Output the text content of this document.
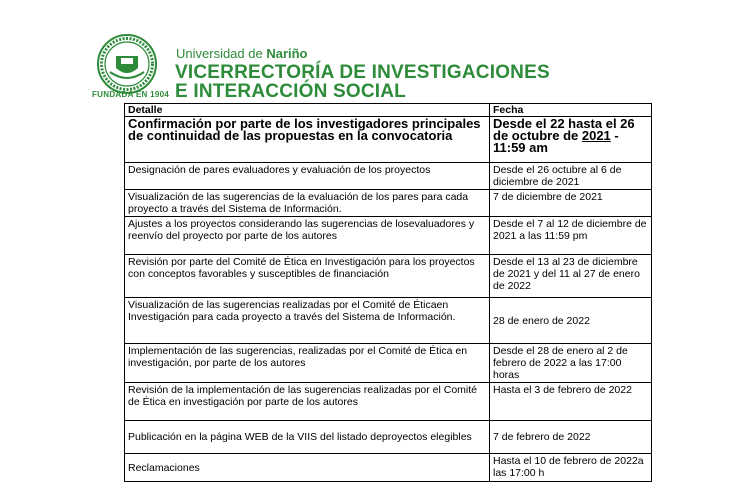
FUNDADA EN 1904
Universidad de Nariño
VICERRECTORÍA DE INVESTIGACIONES
E INTERACCIÓN SOCIAL
Detalle	Fecha
Confirmación por parte de los investigadores principales de continuidad de las propuestas en la convocatoria	Desde el 22 hasta el 26 de octubre de 2021 - 11:59 am
Designación de pares evaluadores y evaluación de los proyectos	Desde el 26 octubre al 6 de diciembre de 2021
Visualización de las sugerencias de la evaluación de los pares para cada proyecto a través del Sistema de Información.	7 de diciembre de 2021
Ajustes a los proyectos considerando las sugerencias de losevaluadores y reenvío del proyecto por parte de los autores	Desde el 7 al 12 de diciembre de 2021 a las 11:59 pm
Revisión por parte del Comité de Ética en Investigación para los proyectos con conceptos favorables y susceptibles de financiación	Desde el 13 al 23 de diciembre de 2021 y del 11 al 27 de enero de 2022
Visualización de las sugerencias realizadas por el Comité de Éticaen Investigación para cada proyecto a través del Sistema de Información.	28 de enero de 2022
Implementación de las sugerencias, realizadas por el Comité de Ética en investigación, por parte de los autores	Desde el 28 de enero al 2 de febrero de 2022 a las 17:00 horas
Revisión de la implementación de las sugerencias realizadas por el Comité de Ética en investigación por parte de los autores	Hasta el 3 de febrero de 2022
Publicación en la página WEB de la VIIS del listado deproyectos elegibles	7 de febrero de 2022
Reclamaciones	Hasta el 10 de febrero de 2022a las 17:00 h
